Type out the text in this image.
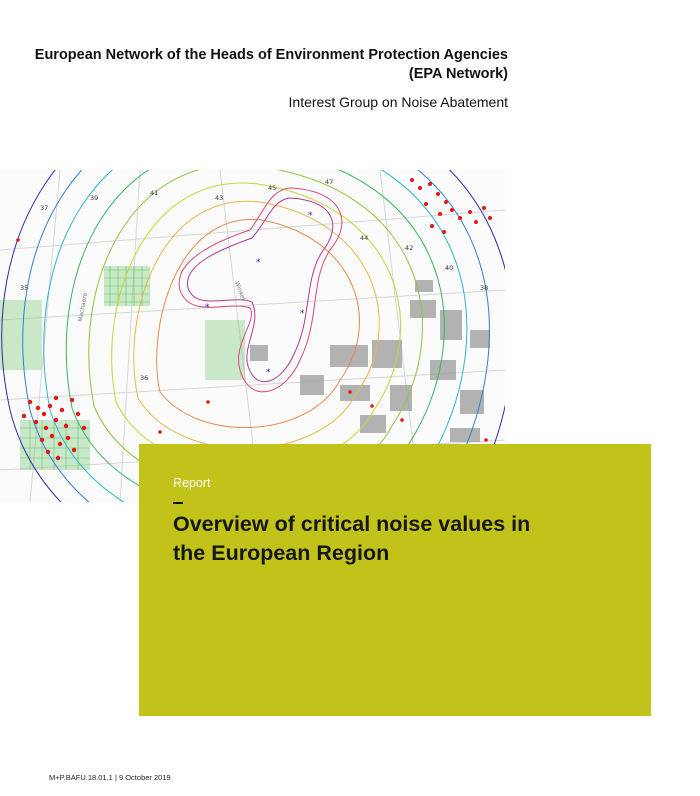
European Network of the Heads of Environment Protection Agencies
(EPA Network)
Interest Group on Noise Abatement
*
*
*
*
*
37
39
41
43
45
47
44
42
40
38
36
35	Winkel
Machaere
Report
Overview of critical noise values in
the European Region
M+P.BAFU.18.01.1 | 9 October 2019
